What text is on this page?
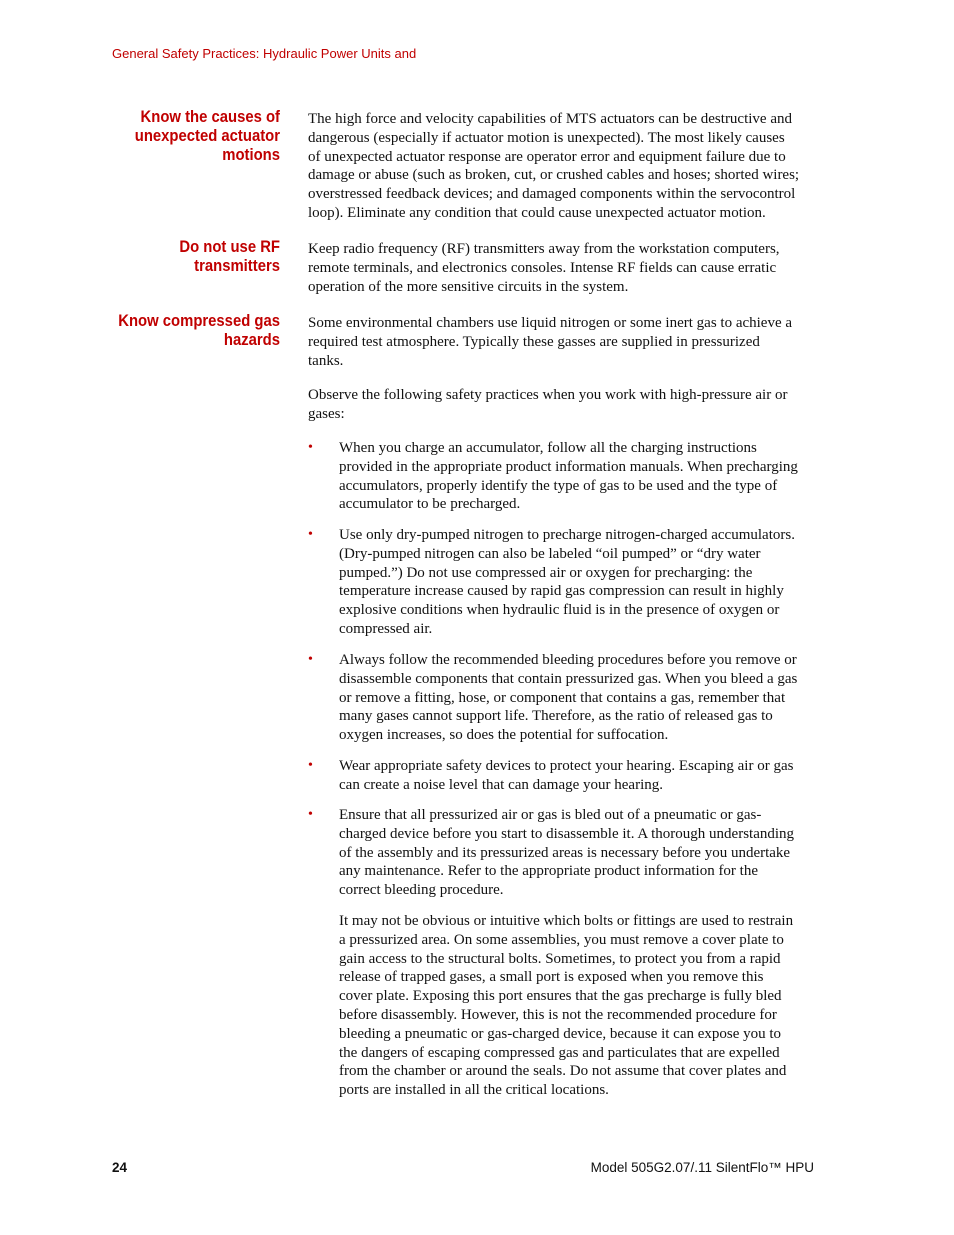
General Safety Practices: Hydraulic Power Units and
Know the causes of
unexpected actuator
motions
The high force and velocity capabilities of MTS actuators can be destructive and
dangerous (especially if actuator motion is unexpected). The most likely causes
of unexpected actuator response are operator error and equipment failure due to
damage or abuse (such as broken, cut, or crushed cables and hoses; shorted wires;
overstressed feedback devices; and damaged components within the servocontrol
loop). Eliminate any condition that could cause unexpected actuator motion.
Do not use RF
transmitters
Keep radio frequency (RF) transmitters away from the workstation computers,
remote terminals, and electronics consoles. Intense RF fields can cause erratic
operation of the more sensitive circuits in the system.
Know compressed gas
hazards
Some environmental chambers use liquid nitrogen or some inert gas to achieve a
required test atmosphere. Typically these gasses are supplied in pressurized
tanks.
Observe the following safety practices when you work with high-pressure air or
gases:
• When you charge an accumulator, follow all the charging instructions
provided in the appropriate product information manuals. When precharging
accumulators, properly identify the type of gas to be used and the type of
accumulator to be precharged.
• Use only dry-pumped nitrogen to precharge nitrogen-charged accumulators.
(Dry-pumped nitrogen can also be labeled “oil pumped” or “dry water
pumped.”) Do not use compressed air or oxygen for precharging: the
temperature increase caused by rapid gas compression can result in highly
explosive conditions when hydraulic fluid is in the presence of oxygen or
compressed air.
• Always follow the recommended bleeding procedures before you remove or
disassemble components that contain pressurized gas. When you bleed a gas
or remove a fitting, hose, or component that contains a gas, remember that
many gases cannot support life. Therefore, as the ratio of released gas to
oxygen increases, so does the potential for suffocation.
• Wear appropriate safety devices to protect your hearing. Escaping air or gas
can create a noise level that can damage your hearing.
• Ensure that all pressurized air or gas is bled out of a pneumatic or gas-
charged device before you start to disassemble it. A thorough understanding
of the assembly and its pressurized areas is necessary before you undertake
any maintenance. Refer to the appropriate product information for the
correct bleeding procedure.
It may not be obvious or intuitive which bolts or fittings are used to restrain
a pressurized area. On some assemblies, you must remove a cover plate to
gain access to the structural bolts. Sometimes, to protect you from a rapid
release of trapped gases, a small port is exposed when you remove this
cover plate. Exposing this port ensures that the gas precharge is fully bled
before disassembly. However, this is not the recommended procedure for
bleeding a pneumatic or gas-charged device, because it can expose you to
the dangers of escaping compressed gas and particulates that are expelled
from the chamber or around the seals. Do not assume that cover plates and
ports are installed in all the critical locations.
24	Model 505G2.07/.11 SilentFlo™ HPU
